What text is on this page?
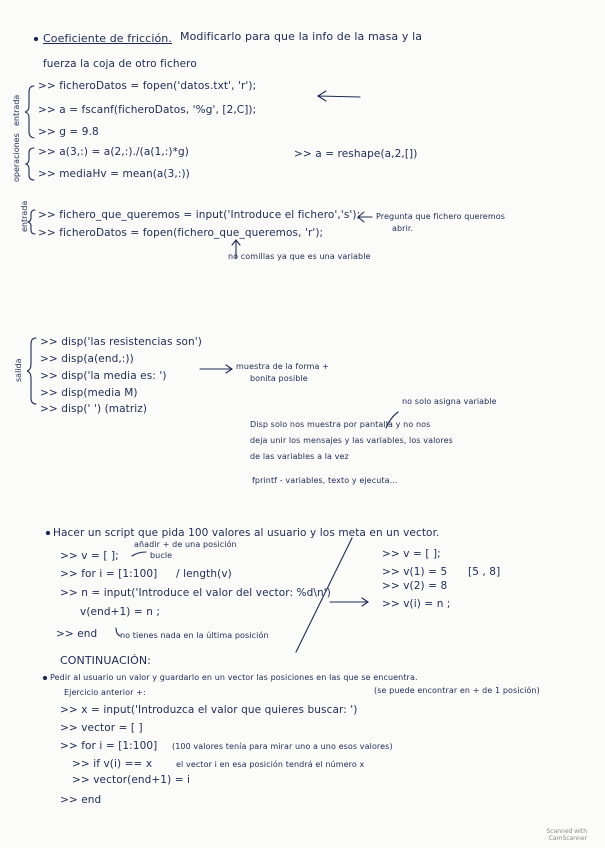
Coeficiente de fricción. Modificarlo para que la info de la masa y la
fuerza la coja de otro fichero
entrada
operaciones
>> ficheroDatos = fopen('datos.txt', 'r');
>> a = fscanf(ficheroDatos, '%g', [2,C]);
>> g = 9.8
>> a(3,:) = a(2,:)./(a(1,:)*g)
>> mediaHv = mean(a(3,:))
>> a = reshape(a,2,[])
entrada >> fichero_que_queremos = input('Introduce el fichero','s');
>> ficheroDatos = fopen(fichero_que_queremos, 'r');
Pregunta que fichero queremos
abrir.
no comillas ya que es una variable
salida
>> disp('las resistencias son')
>> disp(a(end,:))
>> disp('la media es: ')
>> disp(media M)
>> disp(' ') (matriz)
muestra de la forma +
bonita posible
no solo asigna variable
Disp solo nos muestra por pantalla y no nos
deja unir los mensajes y las variables, los valores
de las variables a la vez
fprintf - variables, texto y ejecuta...
Hacer un script que pida 100 valores al usuario y los meta en un vector.
añadir + de una posición
bucle
>> v = [ ];
>> for i = [1:100] / length(v)
>> n = input('Introduce el valor del vector: %d\n')
v(end+1) = n ;
>> end	no tienes nada en la última posición
>> v = [ ];
>> v(1) = 5
>> v(2) = 8
>> v(i) = n ;
[5 , 8]
CONTINUACIÓN:
Pedir al usuario un valor y guardarlo en un vector las posiciones en las que se encuentra.
(se puede encontrar en + de 1 posición)
Ejercicio anterior +:
>> x = input('Introduzca el valor que quieres buscar: ')
>> vector = [ ]
>> for i = [1:100] (100 valores tenía para mirar uno a uno esos valores)
>> if v(i) == x	el vector i en esa posición tendrá el número x
>> vector(end+1) = i
>> end
Scanned with
CamScanner
